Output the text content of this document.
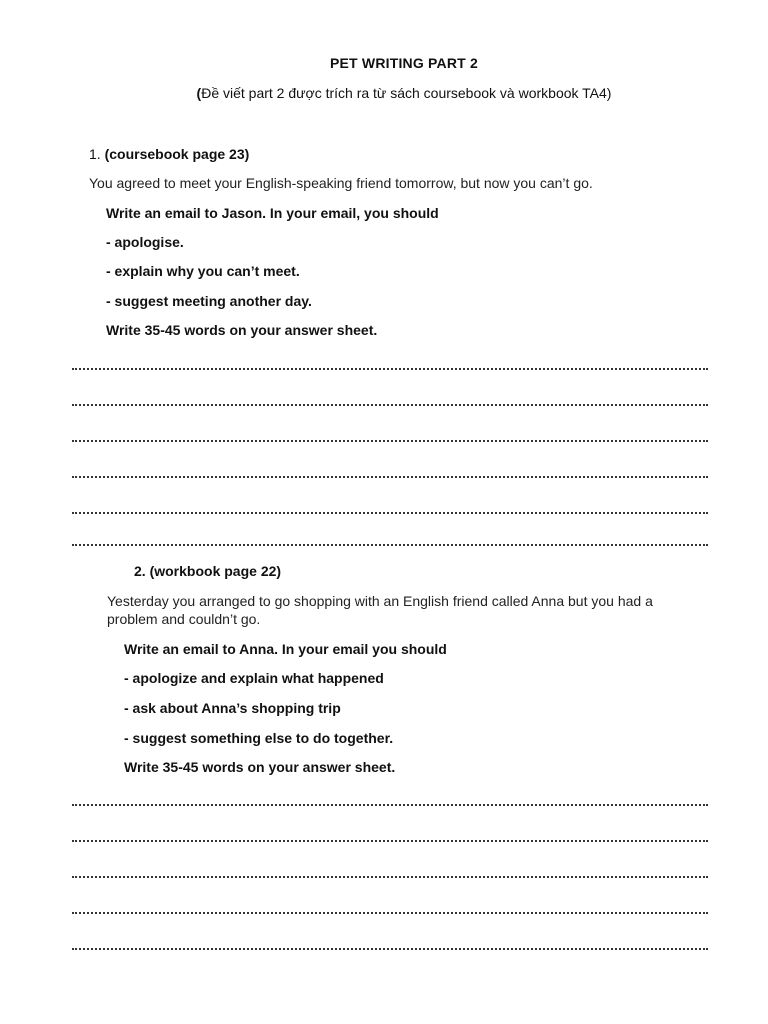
PET WRITING PART 2
(Đề viết part 2 được trích ra từ sách coursebook và workbook TA4)
1. (coursebook page 23)
You agreed to meet your English-speaking friend tomorrow, but now you can’t go.
Write an email to Jason. In your email, you should
- apologise.
- explain why you can’t meet.
- suggest meeting another day.
Write 35-45 words on your answer sheet.
2. (workbook page 22)
Yesterday you arranged to go shopping with an English friend called Anna but you had a problem and couldn’t go.
Write an email to Anna. In your email you should
- apologize and explain what happened
- ask about Anna’s shopping trip
- suggest something else to do together.
Write 35-45 words on your answer sheet.
